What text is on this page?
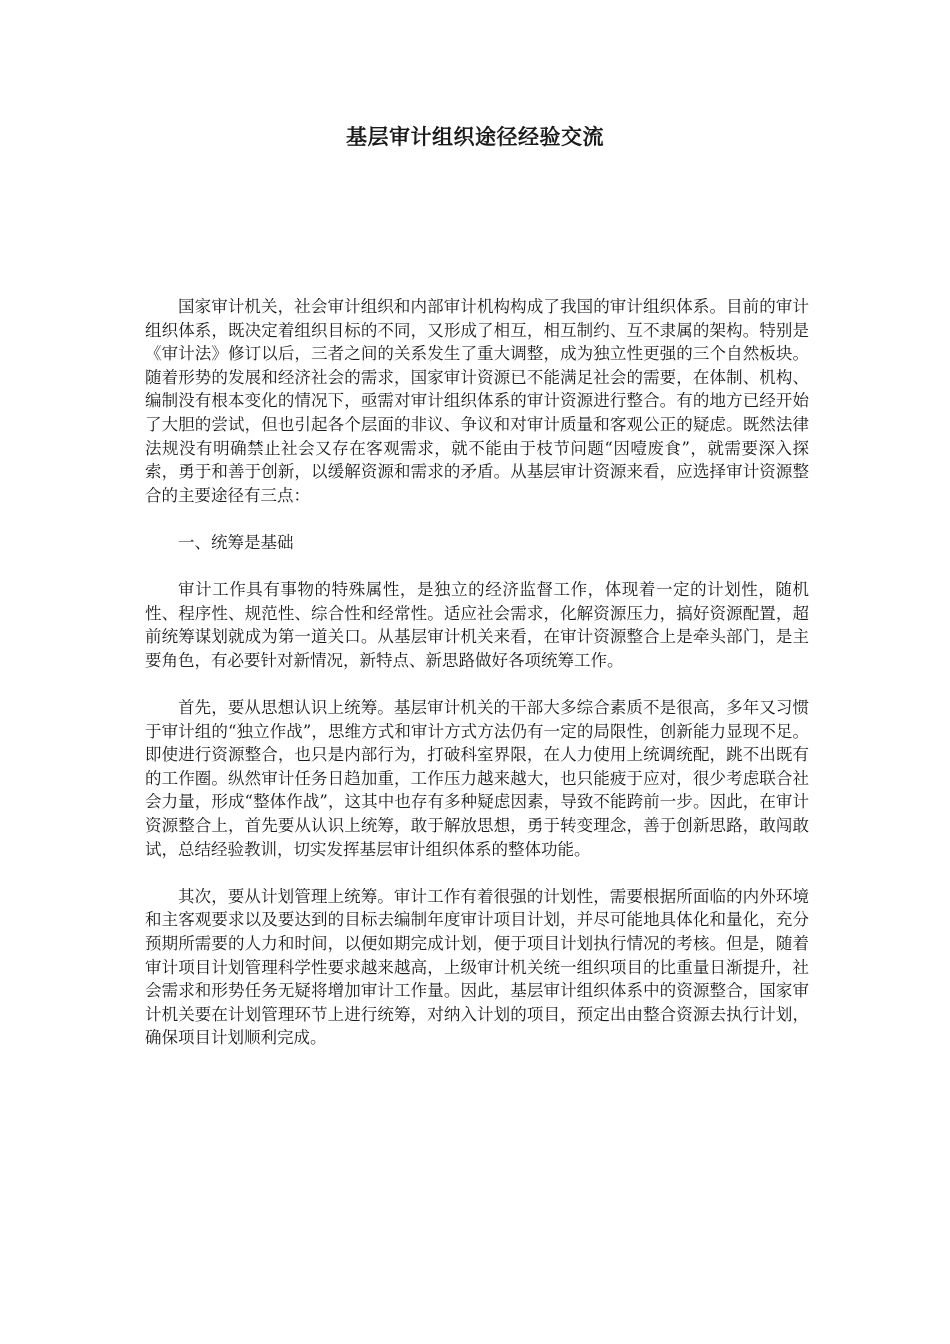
基层审计组织途径经验交流

国家审计机关，社会审计组织和内部审计机构构成了我国的审计组织体系。目前的审计组织体系，既决定着组织目标的不同，又形成了相互，相互制约、互不隶属的架构。特别是《审计法》修订以后，三者之间的关系发生了重大调整，成为独立性更强的三个自然板块。随着形势的发展和经济社会的需求，国家审计资源已不能满足社会的需要，在体制、机构、编制没有根本变化的情况下，亟需对审计组织体系的审计资源进行整合。有的地方已经开始了大胆的尝试，但也引起各个层面的非议、争议和对审计质量和客观公正的疑虑。既然法律法规没有明确禁止社会又存在客观需求，就不能由于枝节问题“因噎废食”，就需要深入探索，勇于和善于创新，以缓解资源和需求的矛盾。从基层审计资源来看，应选择审计资源整合的主要途径有三点：

一、统筹是基础

审计工作具有事物的特殊属性，是独立的经济监督工作，体现着一定的计划性，随机性、程序性、规范性、综合性和经常性。适应社会需求，化解资源压力，搞好资源配置，超前统筹谋划就成为第一道关口。从基层审计机关来看，在审计资源整合上是牵头部门，是主要角色，有必要针对新情况，新特点、新思路做好各项统筹工作。

首先，要从思想认识上统筹。基层审计机关的干部大多综合素质不是很高，多年又习惯于审计组的“独立作战”，思维方式和审计方式方法仍有一定的局限性，创新能力显现不足。即使进行资源整合，也只是内部行为，打破科室界限，在人力使用上统调统配，跳不出既有的工作圈。纵然审计任务日趋加重，工作压力越来越大，也只能疲于应对，很少考虑联合社会力量，形成“整体作战”，这其中也存有多种疑虑因素，导致不能跨前一步。因此，在审计资源整合上，首先要从认识上统筹，敢于解放思想，勇于转变理念，善于创新思路，敢闯敢试，总结经验教训，切实发挥基层审计组织体系的整体功能。

其次，要从计划管理上统筹。审计工作有着很强的计划性，需要根据所面临的内外环境和主客观要求以及要达到的目标去编制年度审计项目计划，并尽可能地具体化和量化，充分预期所需要的人力和时间，以便如期完成计划，便于项目计划执行情况的考核。但是，随着审计项目计划管理科学性要求越来越高，上级审计机关统一组织项目的比重量日渐提升，社会需求和形势任务无疑将增加审计工作量。因此，基层审计组织体系中的资源整合，国家审计机关要在计划管理环节上进行统筹，对纳入计划的项目，预定出由整合资源去执行计划，确保项目计划顺利完成。
